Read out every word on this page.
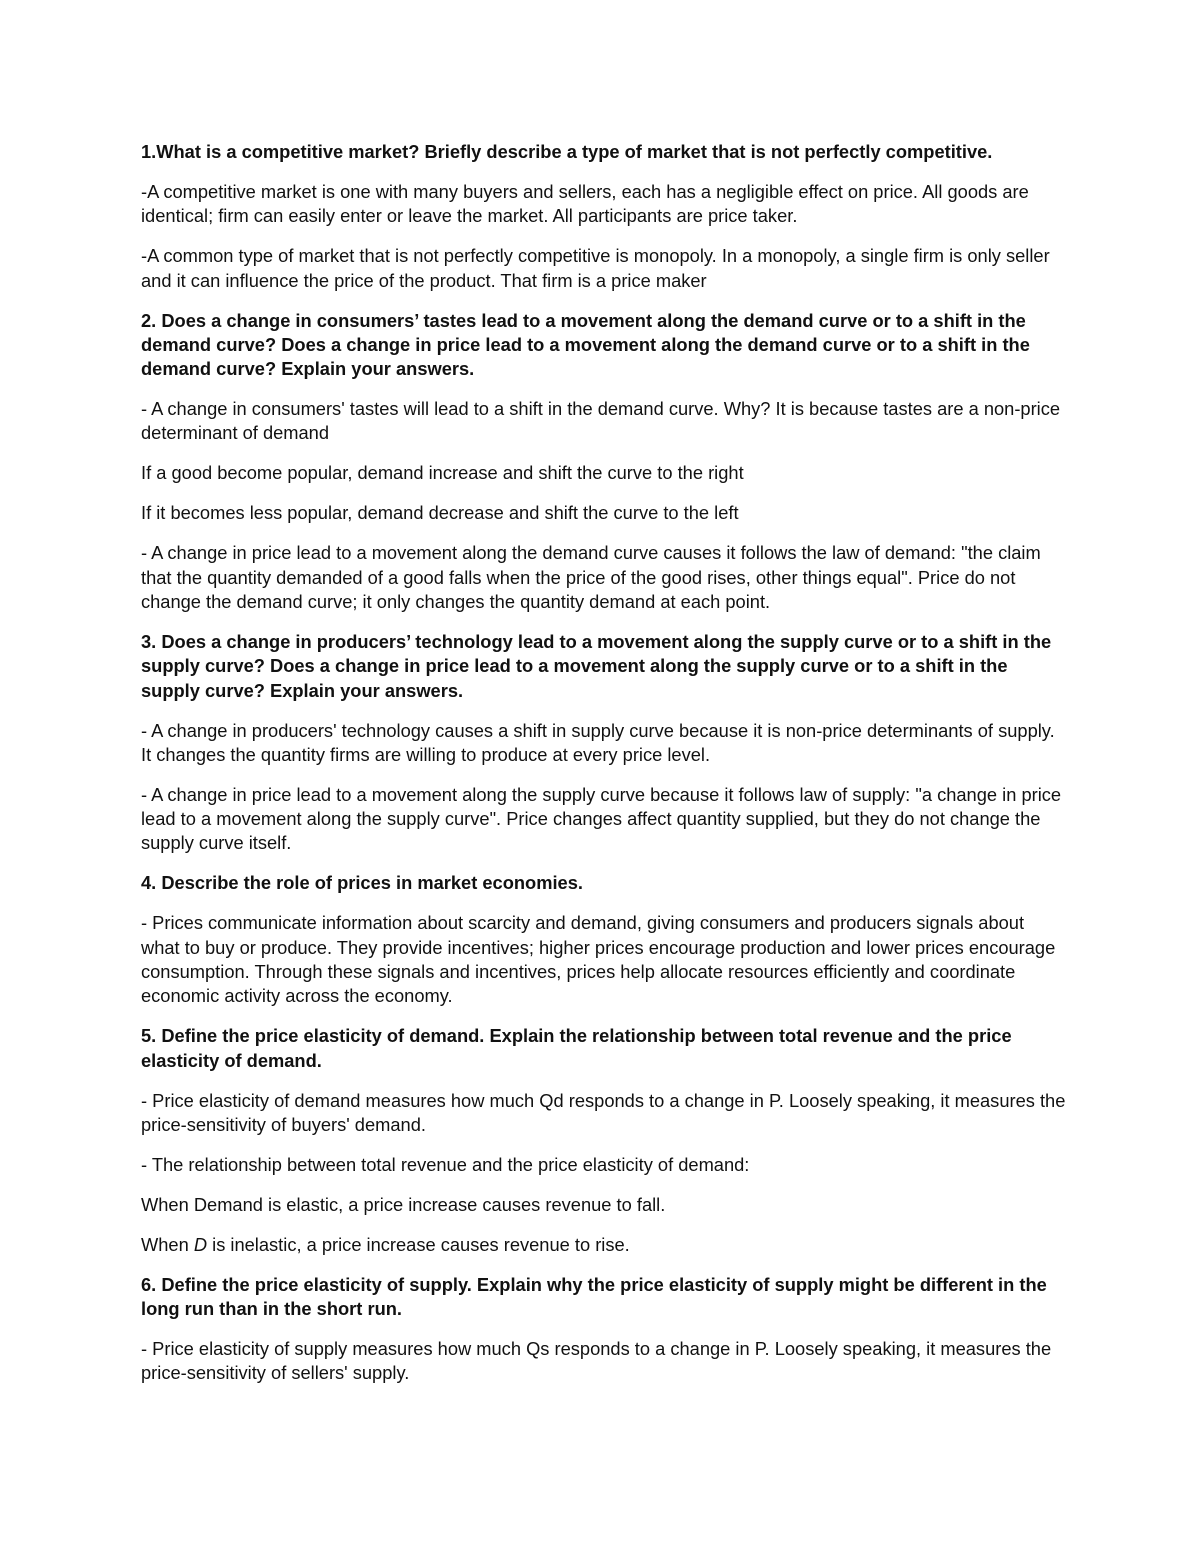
1.What is a competitive market? Briefly describe a type of market that is not perfectly competitive.
-A competitive market is one with many buyers and sellers, each has a negligible effect on price. All goods are identical; firm can easily enter or leave the market. All participants are price taker.
-A common type of market that is not perfectly competitive is monopoly. In a monopoly, a single firm is only seller and it can influence the price of the product. That firm is a price maker
2. Does a change in consumers’ tastes lead to a movement along the demand curve or to a shift in the demand curve? Does a change in price lead to a movement along the demand curve or to a shift in the demand curve? Explain your answers.
- A change in consumers' tastes will lead to a shift in the demand curve. Why? It is because tastes are a non-price determinant of demand
If a good become popular, demand increase and shift the curve to the right
If it becomes less popular, demand decrease and shift the curve to the left
- A change in price lead to a movement along the demand curve causes it follows the law of demand: "the claim that the quantity demanded of a good falls when the price of the good rises, other things equal". Price do not change the demand curve; it only changes the quantity demand at each point.
3. Does a change in producers’ technology lead to a movement along the supply curve or to a shift in the supply curve? Does a change in price lead to a movement along the supply curve or to a shift in the supply curve? Explain your answers.
- A change in producers' technology causes a shift in supply curve because it is non-price determinants of supply. It changes the quantity firms are willing to produce at every price level.
- A change in price lead to a movement along the supply curve because it follows law of supply: "a change in price lead to a movement along the supply curve". Price changes affect quantity supplied, but they do not change the supply curve itself.
4. Describe the role of prices in market economies.
- Prices communicate information about scarcity and demand, giving consumers and producers signals about what to buy or produce. They provide incentives; higher prices encourage production and lower prices encourage consumption. Through these signals and incentives, prices help allocate resources efficiently and coordinate economic activity across the economy.
5. Define the price elasticity of demand. Explain the relationship between total revenue and the price elasticity of demand.
- Price elasticity of demand measures how much Qd responds to a change in P. Loosely speaking, it measures the price-sensitivity of buyers' demand.
- The relationship between total revenue and the price elasticity of demand:
When Demand is elastic, a price increase causes revenue to fall.
When D is inelastic, a price increase causes revenue to rise.
6. Define the price elasticity of supply. Explain why the price elasticity of supply might be different in the long run than in the short run.
- Price elasticity of supply measures how much Qs responds to a change in P. Loosely speaking, it measures the price-sensitivity of sellers' supply.
